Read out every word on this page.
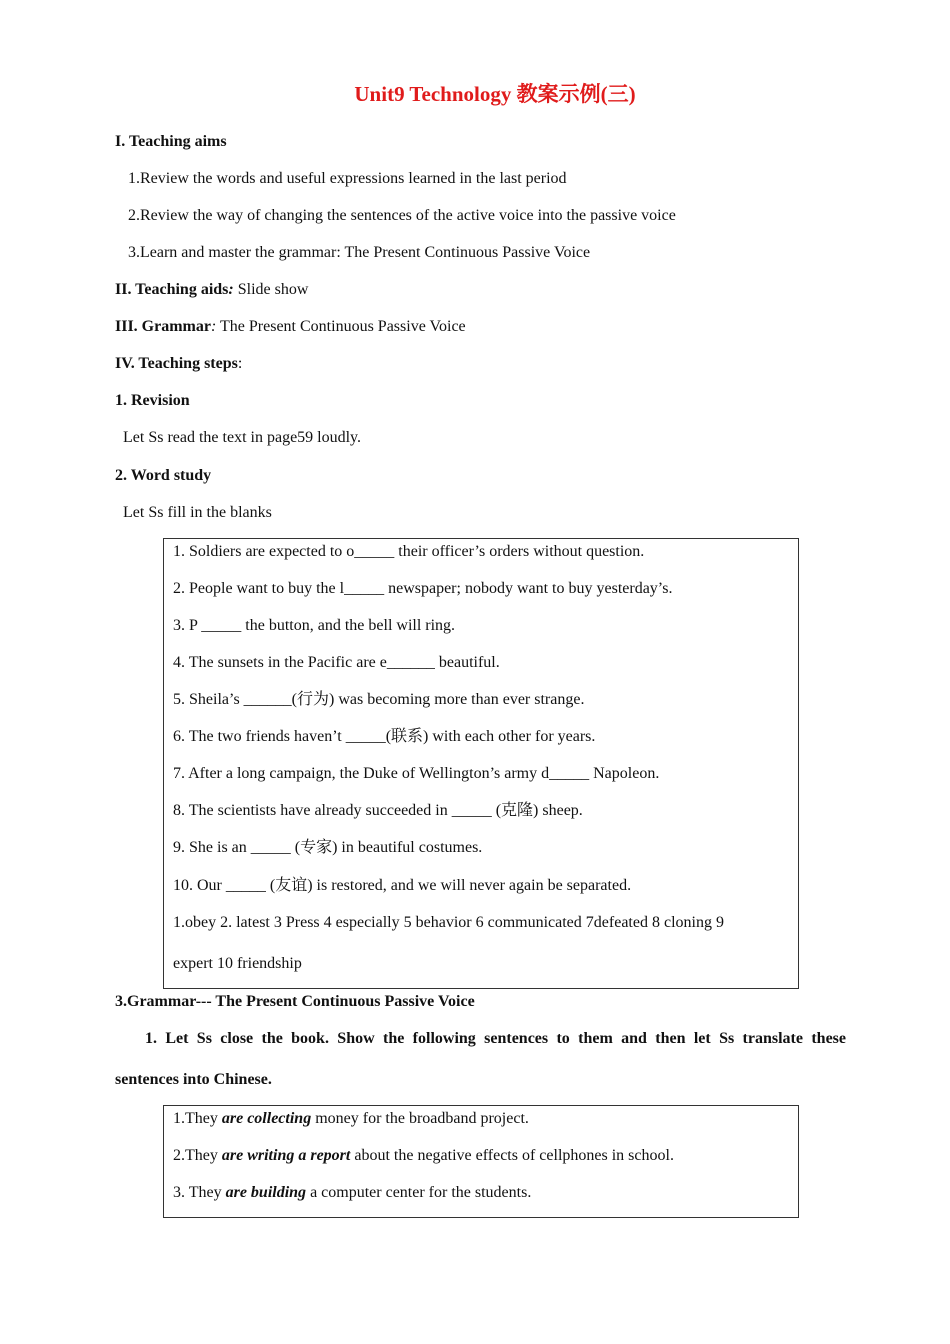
Unit9 Technology 教案示例(三)
I. Teaching aims
1.Review the words and useful expressions learned in the last period
2.Review the way of changing the sentences of the active voice into the passive voice
3.Learn and master the grammar: The Present Continuous Passive Voice
II. Teaching aids: Slide show
III. Grammar: The Present Continuous Passive Voice
IV. Teaching steps:
1. Revision
Let Ss read the text in page59 loudly.
2. Word study
Let Ss fill in the blanks
1. Soldiers are expected to o_____ their officer’s orders without question.
2. People want to buy the l_____ newspaper; nobody want to buy yesterday’s.
3. P _____ the button, and the bell will ring.
4. The sunsets in the Pacific are e______ beautiful.
5. Sheila’s ______(行为) was becoming more than ever strange.
6. The two friends haven’t _____(联系) with each other for years.
7. After a long campaign, the Duke of Wellington’s army d_____ Napoleon.
8. The scientists have already succeeded in _____ (克隆) sheep.
9. She is an _____ (专家) in beautiful costumes.
10. Our _____ (友谊) is restored, and we will never again be separated.
1.obey 2. latest 3 Press 4 especially 5 behavior 6 communicated 7defeated 8 cloning 9
expert 10 friendship
3.Grammar--- The Present Continuous Passive Voice
1. Let Ss close the book. Show the following sentences to them and then let Ss translate these
sentences into Chinese.
1.They are collecting money for the broadband project.
2.They are writing a report about the negative effects of cellphones in school.
3. They are building a computer center for the students.
